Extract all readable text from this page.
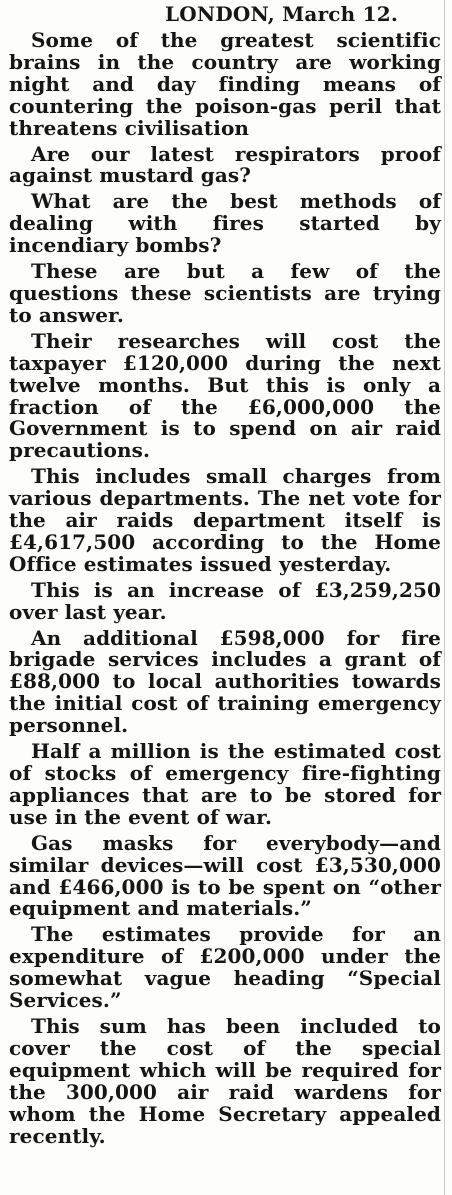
LONDON, March 12.

Some of the greatest scientific brains in the country are working night and day finding means of countering the poison-gas peril that threatens civilisation

Are our latest respirators proof against mustard gas?

What are the best methods of dealing with fires started by incendiary bombs?

These are but a few of the questions these scientists are trying to answer.

Their researches will cost the taxpayer £120,000 during the next twelve months. But this is only a fraction of the £6,000,000 the Government is to spend on air raid precautions.

This includes small charges from various departments. The net vote for the air raids department itself is £4,617,500 according to the Home Office estimates issued yesterday.

This is an increase of £3,259,250 over last year.

An additional £598,000 for fire brigade services includes a grant of £88,000 to local authorities towards the initial cost of training emergency personnel.

Half a million is the estimated cost of stocks of emergency fire-fighting appliances that are to be stored for use in the event of war.

Gas masks for everybody—and similar devices—will cost £3,530,000 and £466,000 is to be spent on “other equipment and materials.”

The estimates provide for an expenditure of £200,000 under the somewhat vague heading “Special Services.”

This sum has been included to cover the cost of the special equipment which will be required for the 300,000 air raid wardens for whom the Home Secretary appealed recently.
